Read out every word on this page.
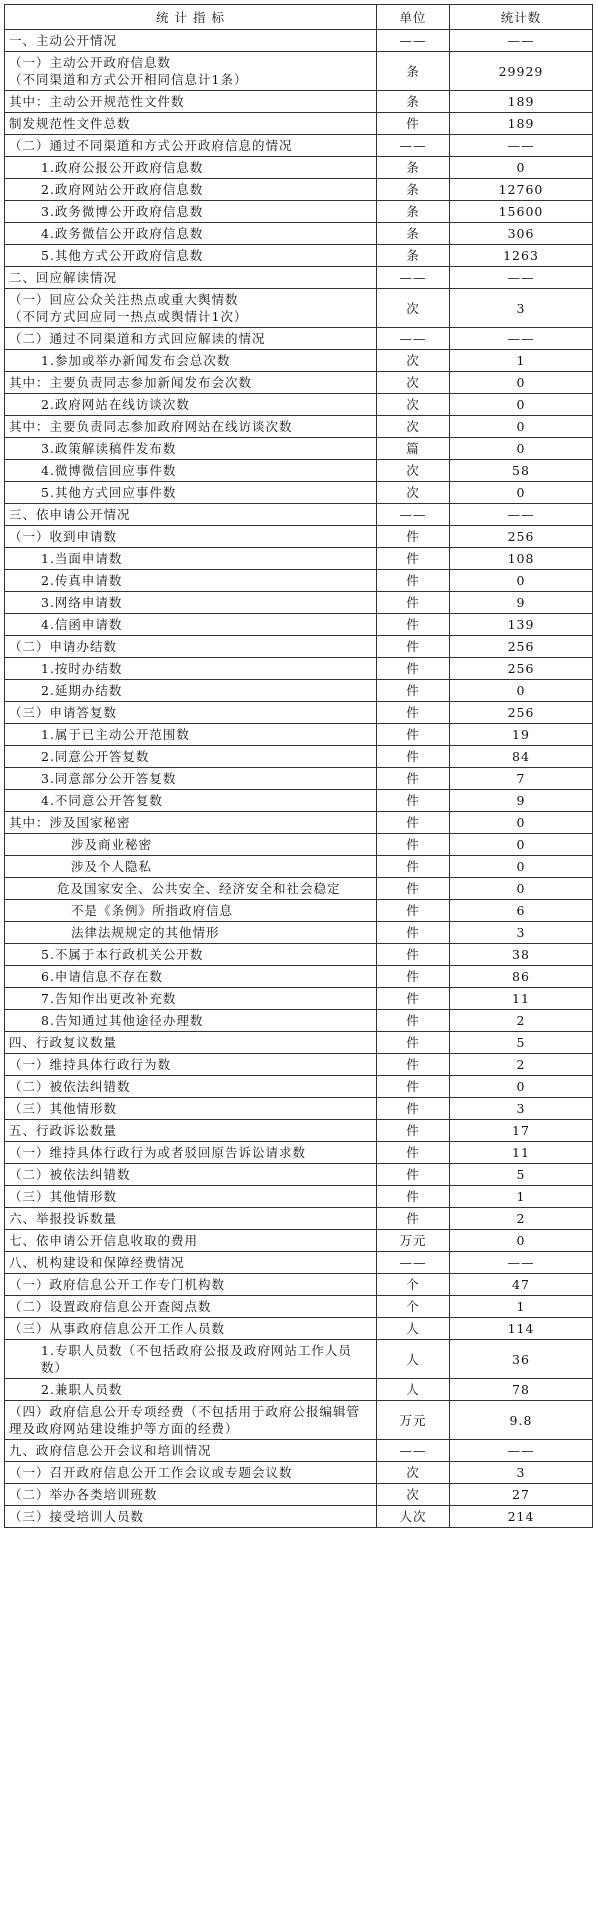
统 计 指 标	单位	统计数
一、主动公开情况	——	——
（一）主动公开政府信息数
（不同渠道和方式公开相同信息计1条）	条	29929
其中：主动公开规范性文件数	条	189
制发规范性文件总数	件	189
（二）通过不同渠道和方式公开政府信息的情况	——	——
1.政府公报公开政府信息数	条	0
2.政府网站公开政府信息数	条	12760
3.政务微博公开政府信息数	条	15600
4.政务微信公开政府信息数	条	306
5.其他方式公开政府信息数	条	1263
二、回应解读情况	——	——
（一）回应公众关注热点或重大舆情数
（不同方式回应同一热点或舆情计1次）	次	3
（二）通过不同渠道和方式回应解读的情况	——	——
1.参加或举办新闻发布会总次数	次	1
其中：主要负责同志参加新闻发布会次数	次	0
2.政府网站在线访谈次数	次	0
其中：主要负责同志参加政府网站在线访谈次数	次	0
3.政策解读稿件发布数	篇	0
4.微博微信回应事件数	次	58
5.其他方式回应事件数	次	0
三、依申请公开情况	——	——
（一）收到申请数	件	256
1.当面申请数	件	108
2.传真申请数	件	0
3.网络申请数	件	9
4.信函申请数	件	139
（二）申请办结数	件	256
1.按时办结数	件	256
2.延期办结数	件	0
（三）申请答复数	件	256
1.属于已主动公开范围数	件	19
2.同意公开答复数	件	84
3.同意部分公开答复数	件	7
4.不同意公开答复数	件	9
其中：涉及国家秘密	件	0
涉及商业秘密	件	0
涉及个人隐私	件	0
危及国家安全、公共安全、经济安全和社会稳定	件	0
不是《条例》所指政府信息	件	6
法律法规规定的其他情形	件	3
5.不属于本行政机关公开数	件	38
6.申请信息不存在数	件	86
7.告知作出更改补充数	件	11
8.告知通过其他途径办理数	件	2
四、行政复议数量	件	5
（一）维持具体行政行为数	件	2
（二）被依法纠错数	件	0
（三）其他情形数	件	3
五、行政诉讼数量	件	17
（一）维持具体行政行为或者驳回原告诉讼请求数	件	11
（二）被依法纠错数	件	5
（三）其他情形数	件	1
六、举报投诉数量	件	2
七、依申请公开信息收取的费用	万元	0
八、机构建设和保障经费情况	——	——
（一）政府信息公开工作专门机构数	个	47
（二）设置政府信息公开查阅点数	个	1
（三）从事政府信息公开工作人员数	人	114
1.专职人员数（不包括政府公报及政府网站工作人员数）	人	36
2.兼职人员数	人	78
（四）政府信息公开专项经费（不包括用于政府公报编辑管理及政府网站建设维护等方面的经费）	万元	9.8
九、政府信息公开会议和培训情况	——	——
（一）召开政府信息公开工作会议或专题会议数	次	3
（二）举办各类培训班数	次	27
（三）接受培训人员数	人次	214
